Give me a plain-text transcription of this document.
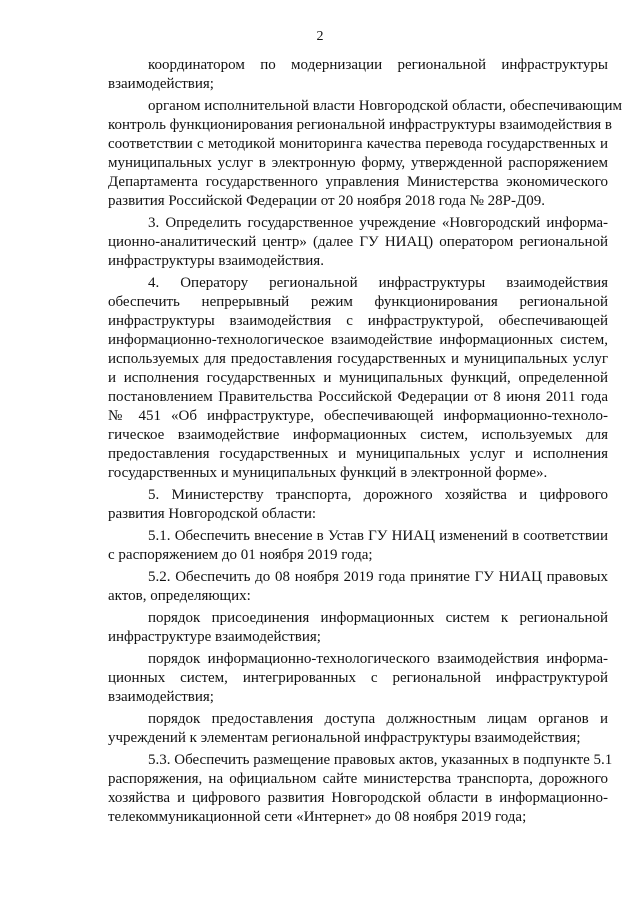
2
координатором по модернизации региональной инфраструктуры
взаимодействия;
органом исполнительной власти Новгородской области, обеспечивающим
контроль функционирования региональной инфраструктуры взаимодействия в
соответствии с методикой мониторинга качества перевода государственных и
муниципальных услуг в электронную форму, утвержденной распоряжением
Департамента государственного управления Министерства экономического
развития Российской Федерации от 20 ноября 2018 года № 28Р-Д09.
3. Определить государственное учреждение «Новгородский информа-
ционно-аналитический центр» (далее ГУ НИАЦ) оператором региональной
инфраструктуры взаимодействия.
4. Оператору региональной инфраструктуры взаимодействия
обеспечить непрерывный режим функционирования региональной
инфраструктуры взаимодействия с инфраструктурой, обеспечивающей
информационно-технологическое взаимодействие информационных систем,
используемых для предоставления государственных и муниципальных услуг
и исполнения государственных и муниципальных функций, определенной
постановлением Правительства Российской Федерации от 8 июня 2011 года
№ 451 «Об инфраструктуре, обеспечивающей информационно-техноло-
гическое взаимодействие информационных систем, используемых для
предоставления государственных и муниципальных услуг и исполнения
государственных и муниципальных функций в электронной форме».
5. Министерству транспорта, дорожного хозяйства и цифрового
развития Новгородской области:
5.1. Обеспечить внесение в Устав ГУ НИАЦ изменений в соответствии
с распоряжением до 01 ноября 2019 года;
5.2. Обеспечить до 08 ноября 2019 года принятие ГУ НИАЦ правовых
актов, определяющих:
порядок присоединения информационных систем к региональной
инфраструктуре взаимодействия;
порядок информационно-технологического взаимодействия информа-
ционных систем, интегрированных с региональной инфраструктурой
взаимодействия;
порядок предоставления доступа должностным лицам органов и
учреждений к элементам региональной инфраструктуры взаимодействия;
5.3. Обеспечить размещение правовых актов, указанных в подпункте 5.1
распоряжения, на официальном сайте министерства транспорта, дорожного
хозяйства и цифрового развития Новгородской области в информационно-
телекоммуникационной сети «Интернет» до 08 ноября 2019 года;
